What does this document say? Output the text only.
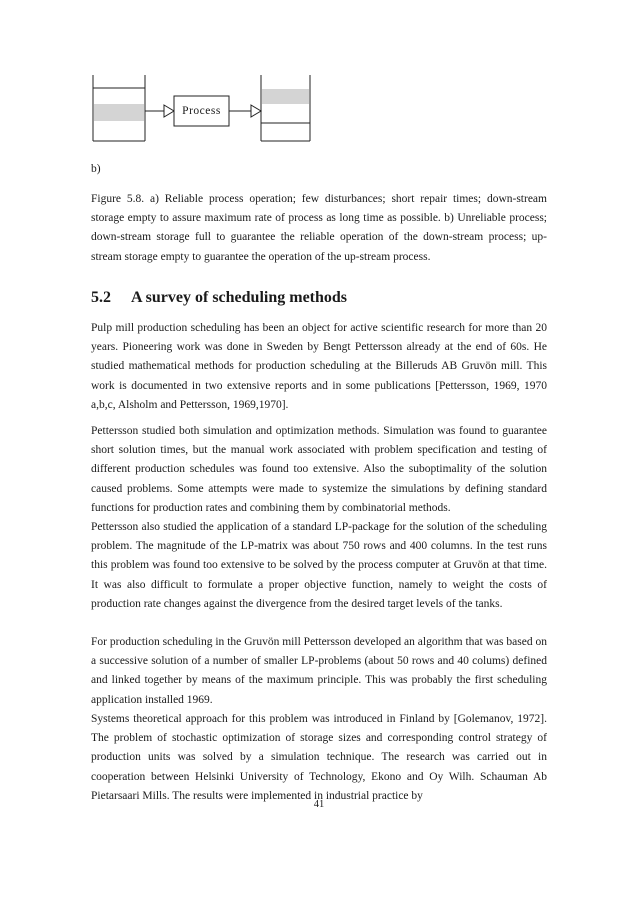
Process
b)

Figure 5.8. a) Reliable process operation; few disturbances; short repair times; down-stream storage empty to assure maximum rate of process as long time as possible. b) Unreliable process; down-stream storage full to guarantee the reliable operation of the down-stream process; up-stream storage empty to guarantee the operation of the up-stream process.

5.2 A survey of scheduling methods

Pulp mill production scheduling has been an object for active scientific research for more than 20 years. Pioneering work was done in Sweden by Bengt Pettersson already at the end of 60s. He studied mathematical methods for production scheduling at the Billeruds AB Gruvön mill. This work is documented in two extensive reports and in some publications [Pettersson, 1969, 1970 a,b,c, Alsholm and Pettersson, 1969,1970].

Pettersson studied both simulation and optimization methods. Simulation was found to guarantee short solution times, but the manual work associated with problem specification and testing of different production schedules was found too extensive. Also the suboptimality of the solution caused problems. Some attempts were made to systemize the simulations by defining standard functions for production rates and combining them by combinatorial methods.

Pettersson also studied the application of a standard LP-package for the solution of the scheduling problem. The magnitude of the LP-matrix was about 750 rows and 400 columns. In the test runs this problem was found too extensive to be solved by the process computer at Gruvön at that time. It was also difficult to formulate a proper objective function, namely to weight the costs of production rate changes against the divergence from the desired target levels of the tanks.

For production scheduling in the Gruvön mill Pettersson developed an algorithm that was based on a successive solution of a number of smaller LP-problems (about 50 rows and 40 colums) defined and linked together by means of the maximum principle. This was probably the first scheduling application installed 1969.

Systems theoretical approach for this problem was introduced in Finland by [Golemanov, 1972]. The problem of stochastic optimization of storage sizes and corresponding control strategy of production units was solved by a simulation technique. The research was carried out in cooperation between Helsinki University of Technology, Ekono and Oy Wilh. Schauman Ab Pietarsaari Mills. The results were implemented in industrial practice by

41
